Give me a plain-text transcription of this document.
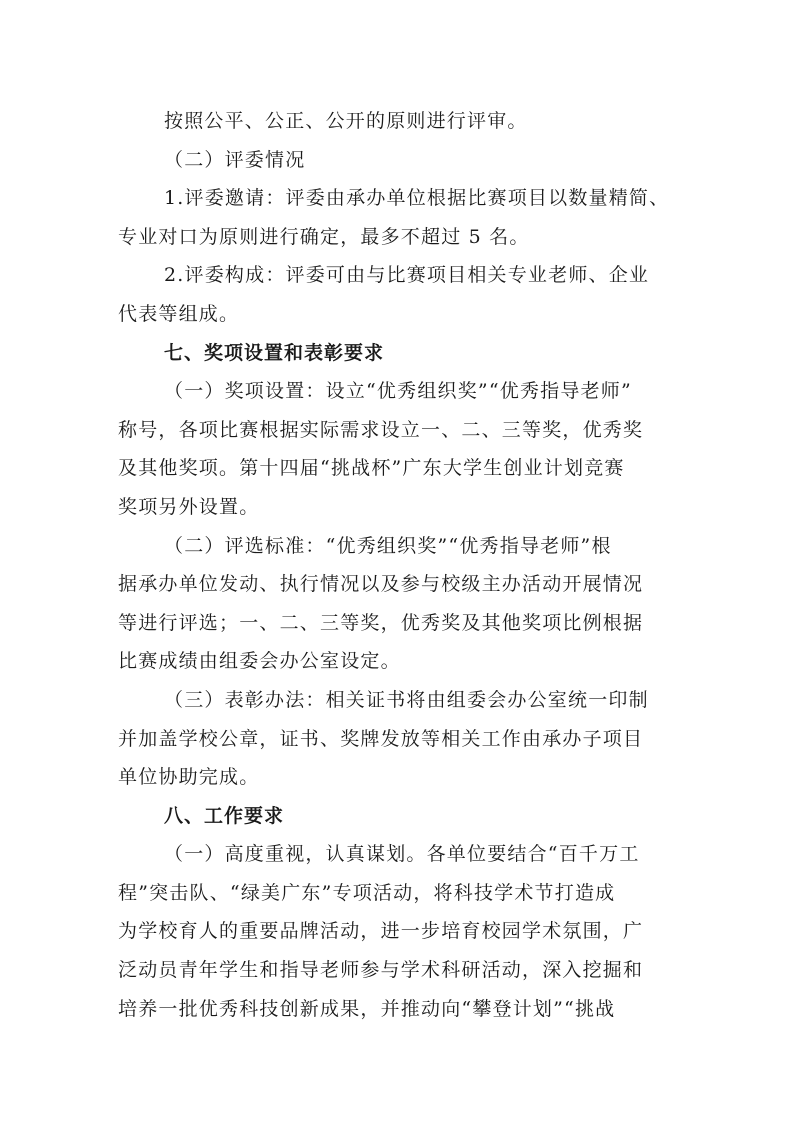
按照公平、公正、公开的原则进行评审。
（二）评委情况
1.评委邀请：评委由承办单位根据比赛项目以数量精简、
专业对口为原则进行确定，最多不超过 5 名。
2.评委构成：评委可由与比赛项目相关专业老师、企业
代表等组成。
七、奖项设置和表彰要求
（一）奖项设置：设立“优秀组织奖”“优秀指导老师”
称号，各项比赛根据实际需求设立一、二、三等奖，优秀奖
及其他奖项。第十四届“挑战杯”广东大学生创业计划竞赛
奖项另外设置。
（二）评选标准：“优秀组织奖”“优秀指导老师”根
据承办单位发动、执行情况以及参与校级主办活动开展情况
等进行评选；一、二、三等奖，优秀奖及其他奖项比例根据
比赛成绩由组委会办公室设定。
（三）表彰办法：相关证书将由组委会办公室统一印制
并加盖学校公章，证书、奖牌发放等相关工作由承办子项目
单位协助完成。
八、工作要求
（一）高度重视，认真谋划。各单位要结合“百千万工
程”突击队、“绿美广东”专项活动，将科技学术节打造成
为学校育人的重要品牌活动，进一步培育校园学术氛围，广
泛动员青年学生和指导老师参与学术科研活动，深入挖掘和
培养一批优秀科技创新成果，并推动向“攀登计划”“挑战
